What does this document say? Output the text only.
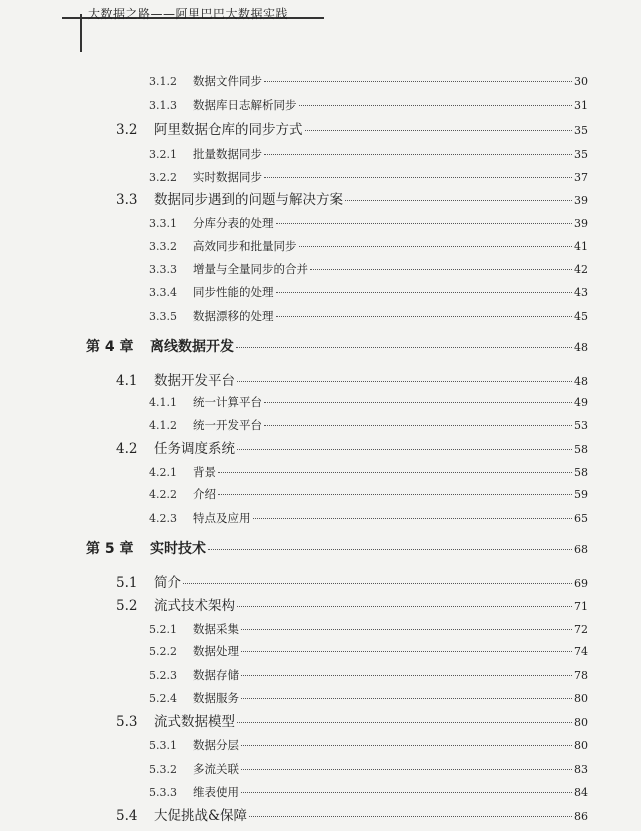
大数据之路——阿里巴巴大数据实践
3.1.2	数据文件同步	30
3.1.3	数据库日志解析同步	31
3.2	阿里数据仓库的同步方式	35
3.2.1	批量数据同步	35
3.2.2	实时数据同步	37
3.3	数据同步遇到的问题与解决方案	39
3.3.1	分库分表的处理	39
3.3.2	高效同步和批量同步	41
3.3.3	增量与全量同步的合并	42
3.3.4	同步性能的处理	43
3.3.5	数据漂移的处理	45
第 4 章	离线数据开发	48
4.1	数据开发平台	48
4.1.1	统一计算平台	49
4.1.2	统一开发平台	53
4.2	任务调度系统	58
4.2.1	背景	58
4.2.2	介绍	59
4.2.3	特点及应用	65
第 5 章	实时技术	68
5.1	简介	69
5.2	流式技术架构	71
5.2.1	数据采集	72
5.2.2	数据处理	74
5.2.3	数据存储	78
5.2.4	数据服务	80
5.3	流式数据模型	80
5.3.1	数据分层	80
5.3.2	多流关联	83
5.3.3	维表使用	84
5.4	大促挑战&保障	86
